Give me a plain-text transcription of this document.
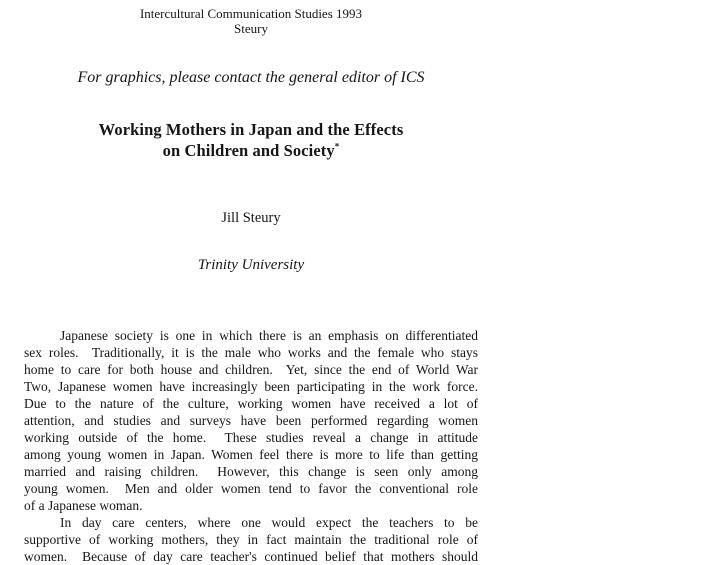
Intercultural Communication Studies 1993
Steury
For graphics, please contact the general editor of ICS
Working Mothers in Japan and the Effects
on Children and Society*
Jill Steury
Trinity University
Japanese society is one in which there is an emphasis on differentiated
sex roles.  Traditionally, it is the male who works and the female who stays
home to care for both house and children.  Yet, since the end of World War
Two, Japanese women have increasingly been participating in the work force.
Due to the nature of the culture, working women have received a lot of
attention, and studies and surveys have been performed regarding women
working outside of the home.  These studies reveal a change in attitude
among young women in Japan. Women feel there is more to life than getting
married and raising children.  However, this change is seen only among
young women.  Men and older women tend to favor the conventional role
of a Japanese woman.
In day care centers, where one would expect the teachers to be
supportive of working mothers, they in fact maintain the traditional role of
women.  Because of day care teacher's continued belief that mothers should
